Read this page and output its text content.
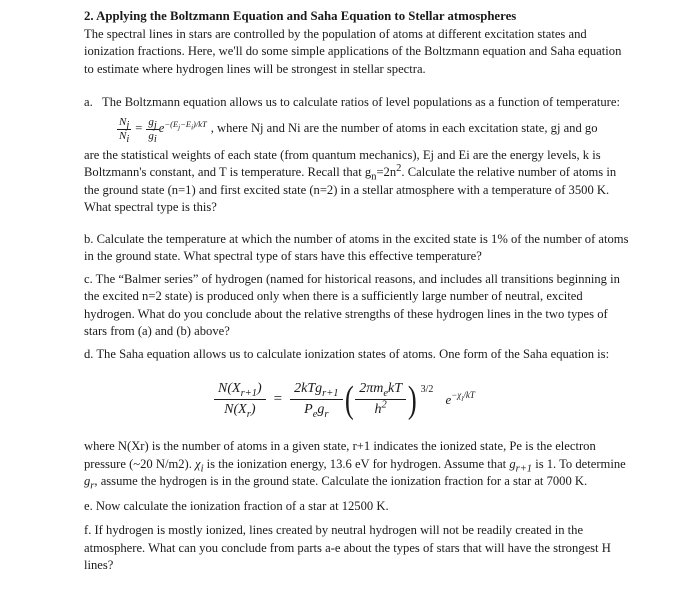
2. Applying the Boltzmann Equation and Saha Equation to Stellar atmospheres

The spectral lines in stars are controlled by the population of atoms at different excitation states and ionization fractions. Here, we'll do some simple applications of the Boltzmann equation and Saha equation to estimate where hydrogen lines will be strongest in stellar spectra.

a. The Boltzmann equation allows us to calculate ratios of level populations as a function of temperature:

$\frac{N_j}{N_i} = \frac{g_j}{g_i} e^{-(E_j-E_i)/kT}$ , where Nj and Ni are the number of atoms in each excitation state, gj and go

are the statistical weights of each state (from quantum mechanics), Ej and Ei are the energy levels, k is Boltzmann's constant, and T is temperature. Recall that $g_n=2n^2$. Calculate the relative number of atoms in the ground state (n=1) and first excited state (n=2) in a stellar atmosphere with a temperature of 3500 K. What spectral type is this?

b. Calculate the temperature at which the number of atoms in the excited state is 1% of the number of atoms in the ground state. What spectral type of stars have this effective temperature?

c. The “Balmer series” of hydrogen (named for historical reasons, and includes all transitions beginning in the excited n=2 state) is produced only when there is a sufficiently large number of neutral, excited hydrogen. What do you conclude about the relative strengths of these hydrogen lines in the two types of stars from (a) and (b) above?

d. The Saha equation allows us to calculate ionization states of atoms. One form of the Saha equation is:

$\frac{N(X_{r+1})}{N(X_r)} = \frac{2kTg_{r+1}}{P_eg_r}$ ( $\frac{2\pi m_ekT}{h^2}$ ) 3/2
$e^{-\chi_i/kT}$

where N(Xr) is the number of atoms in a given state, r+1 indicates the ionized state, Pe is the electron pressure (~20 N/m2). $\chi_i$ is the ionization energy, 13.6 eV for hydrogen. Assume that $g_{r+1}$ is 1. To determine $g_r$, assume the hydrogen is in the ground state. Calculate the ionization fraction for a star at 7000 K.

e. Now calculate the ionization fraction of a star at 12500 K.

f. If hydrogen is mostly ionized, lines created by neutral hydrogen will not be readily created in the atmosphere. What can you conclude from parts a-e about the types of stars that will have the strongest H lines?
